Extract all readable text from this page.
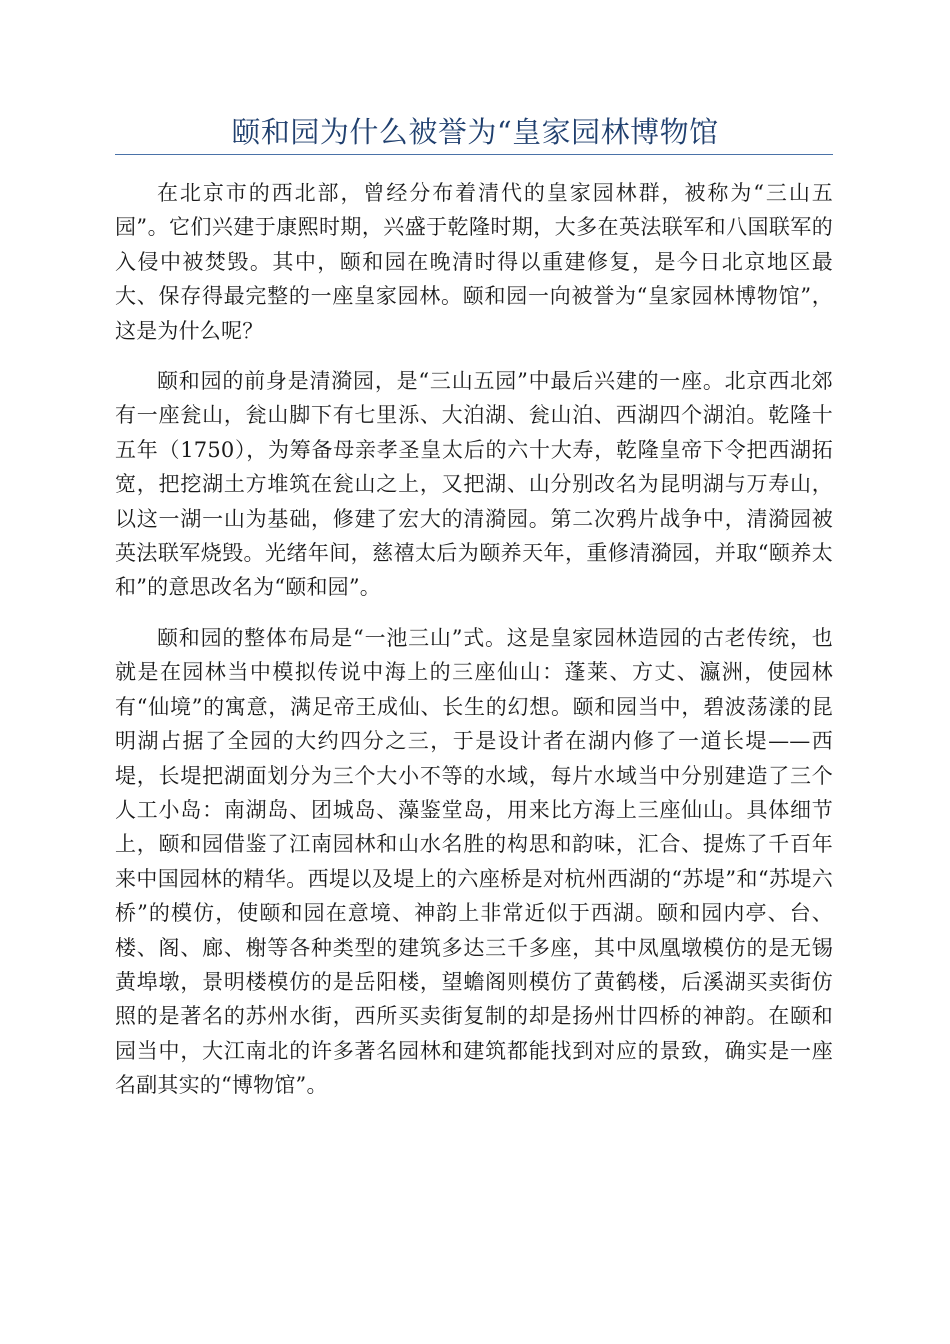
颐和园为什么被誉为“皇家园林博物馆

在北京市的西北部，曾经分布着清代的皇家园林群，被称为“三山五园”。它们兴建于康熙时期，兴盛于乾隆时期，大多在英法联军和八国联军的入侵中被焚毁。其中，颐和园在晚清时得以重建修复，是今日北京地区最大、保存得最完整的一座皇家园林。颐和园一向被誉为“皇家园林博物馆”，这是为什么呢？

颐和园的前身是清漪园，是“三山五园”中最后兴建的一座。北京西北郊有一座瓮山，瓮山脚下有七里泺、大泊湖、瓮山泊、西湖四个湖泊。乾隆十五年（1750），为筹备母亲孝圣皇太后的六十大寿，乾隆皇帝下令把西湖拓宽，把挖湖土方堆筑在瓮山之上，又把湖、山分别改名为昆明湖与万寿山，以这一湖一山为基础，修建了宏大的清漪园。第二次鸦片战争中，清漪园被英法联军烧毁。光绪年间，慈禧太后为颐养天年，重修清漪园，并取“颐养太和”的意思改名为“颐和园”。

颐和园的整体布局是“一池三山”式。这是皇家园林造园的古老传统，也就是在园林当中模拟传说中海上的三座仙山：蓬莱、方丈、瀛洲，使园林有“仙境”的寓意，满足帝王成仙、长生的幻想。颐和园当中，碧波荡漾的昆明湖占据了全园的大约四分之三，于是设计者在湖内修了一道长堤——西堤，长堤把湖面划分为三个大小不等的水域，每片水域当中分别建造了三个人工小岛：南湖岛、团城岛、藻鉴堂岛，用来比方海上三座仙山。具体细节上，颐和园借鉴了江南园林和山水名胜的构思和韵味，汇合、提炼了千百年来中国园林的精华。西堤以及堤上的六座桥是对杭州西湖的“苏堤”和“苏堤六桥”的模仿，使颐和园在意境、神韵上非常近似于西湖。颐和园内亭、台、楼、阁、廊、榭等各种类型的建筑多达三千多座，其中凤凰墩模仿的是无锡黄埠墩，景明楼模仿的是岳阳楼，望蟾阁则模仿了黄鹤楼，后溪湖买卖街仿照的是著名的苏州水街，西所买卖街复制的却是扬州廿四桥的神韵。在颐和园当中，大江南北的许多著名园林和建筑都能找到对应的景致，确实是一座名副其实的“博物馆”。
